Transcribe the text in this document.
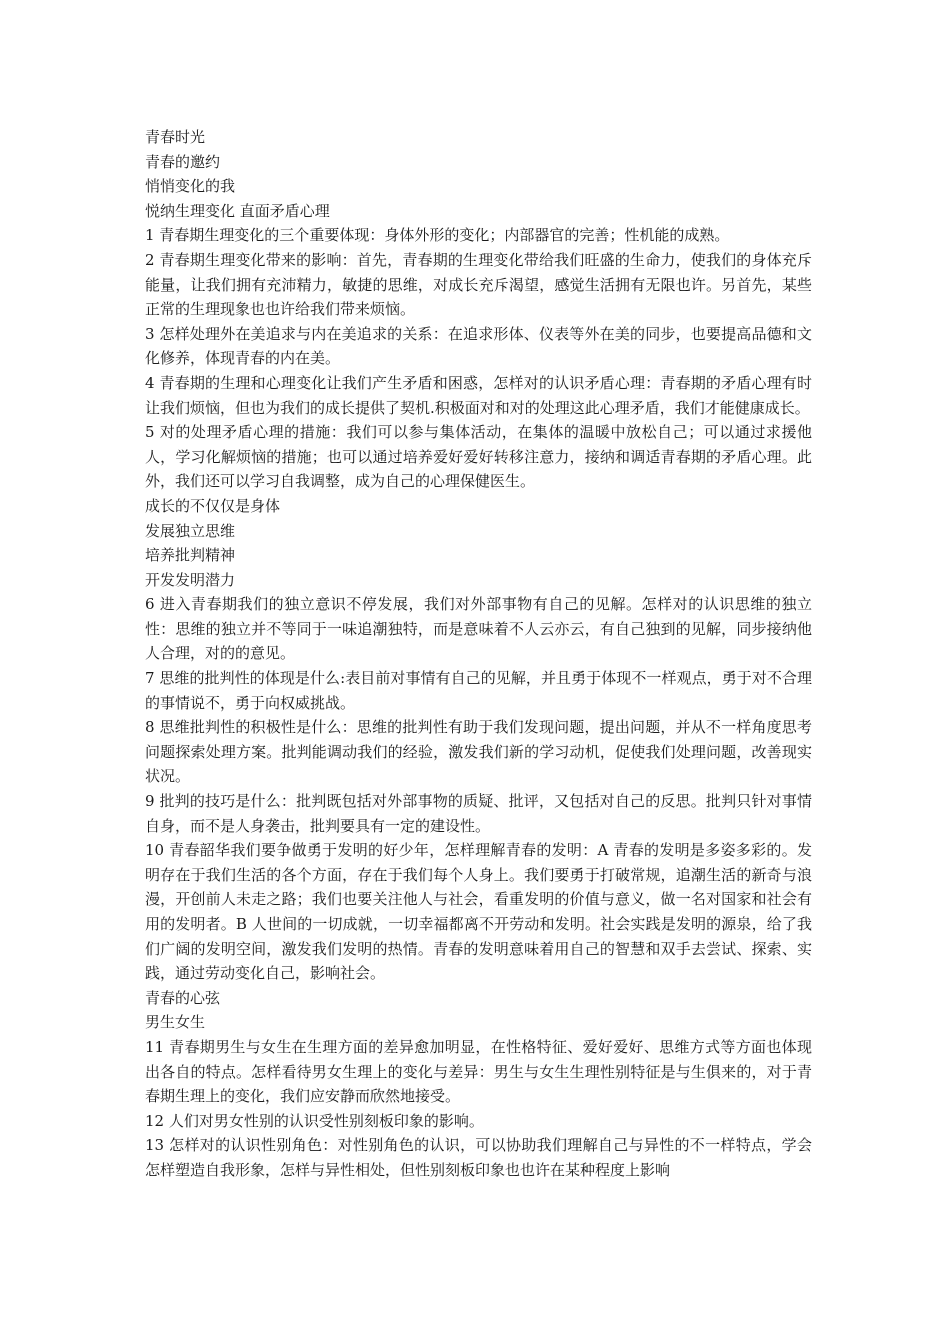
青春时光

青春的邀约

悄悄变化的我

悦纳生理变化 直面矛盾心理

1 青春期生理变化的三个重要体现：身体外形的变化；内部器官的完善；性机能的成熟。

2 青春期生理变化带来的影响：首先，青春期的生理变化带给我们旺盛的生命力，使我们的身体充斥能量，让我们拥有充沛精力，敏捷的思维，对成长充斥渴望，感觉生活拥有无限也许。另首先，某些正常的生理现象也也许给我们带来烦恼。

3 怎样处理外在美追求与内在美追求的关系：在追求形体、仪表等外在美的同步，也要提高品德和文化修养，体现青春的内在美。

4 青春期的生理和心理变化让我们产生矛盾和困惑，怎样对的认识矛盾心理：青春期的矛盾心理有时让我们烦恼，但也为我们的成长提供了契机.积极面对和对的处理这此心理矛盾，我们才能健康成长。

5 对的处理矛盾心理的措施：我们可以参与集体活动，在集体的温暖中放松自己；可以通过求援他人，学习化解烦恼的措施；也可以通过培养爱好爱好转移注意力，接纳和调适青春期的矛盾心理。此外，我们还可以学习自我调整，成为自己的心理保健医生。

成长的不仅仅是身体

发展独立思维

培养批判精神

开发发明潜力

6 进入青春期我们的独立意识不停发展，我们对外部事物有自己的见解。怎样对的认识思维的独立性：思维的独立并不等同于一味追潮独特，而是意味着不人云亦云，有自己独到的见解，同步接纳他人合理，对的的意见。

7 思维的批判性的体现是什么:表目前对事情有自己的见解，并且勇于体现不一样观点，勇于对不合理的事情说不，勇于向权威挑战。

8 思维批判性的积极性是什么：思维的批判性有助于我们发现问题，提出问题，并从不一样角度思考问题探索处理方案。批判能调动我们的经验，激发我们新的学习动机，促使我们处理问题，改善现实状况。

9 批判的技巧是什么：批判既包括对外部事物的质疑、批评，又包括对自己的反思。批判只针对事情自身，而不是人身袭击，批判要具有一定的建设性。

10 青春韶华我们要争做勇于发明的好少年，怎样理解青春的发明：A 青春的发明是多姿多彩的。发明存在于我们生活的各个方面，存在于我们每个人身上。我们要勇于打破常规，追潮生活的新奇与浪漫，开创前人未走之路；我们也要关注他人与社会，看重发明的价值与意义，做一名对国家和社会有用的发明者。B 人世间的一切成就，一切幸福都离不开劳动和发明。社会实践是发明的源泉，给了我们广阔的发明空间，激发我们发明的热情。青春的发明意味着用自己的智慧和双手去尝试、探索、实践，通过劳动变化自己，影响社会。

青春的心弦

男生女生

11 青春期男生与女生在生理方面的差异愈加明显，在性格特征、爱好爱好、思维方式等方面也体现出各自的特点。怎样看待男女生理上的变化与差异：男生与女生生理性别特征是与生俱来的，对于青春期生理上的变化，我们应安静而欣然地接受。

12 人们对男女性别的认识受性别刻板印象的影响。

13 怎样对的认识性别角色：对性别角色的认识，可以协助我们理解自己与异性的不一样特点，学会怎样塑造自我形象，怎样与异性相处，但性别刻板印象也也许在某种程度上影响
